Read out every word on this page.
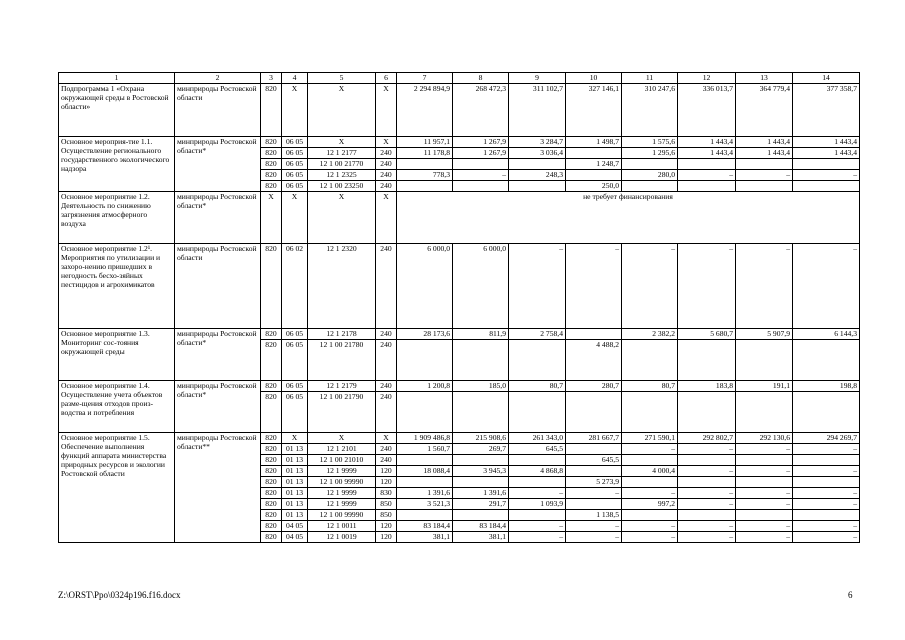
1	2	3	4	5	6	7	8	9	10	11	12	13	14
Подпрограмма 1 «Охрана окружающей среды в Ростовской области»	минприроды Ростовской области	820	Х	Х	Х	2 294 894,9	268 472,3	311 102,7	327 146,1	310 247,6	336 013,7	364 779,4	377 358,7
Основное мероприя-тие 1.1. Осуществление регионального государственного экологического надзора	минприроды Ростовской области*	820	06 05	Х	Х	11 957,1	1 267,9	3 284,7	1 498,7	1 575,6	1 443,4	1 443,4	1 443,4
		820	06 05	12 1 2177	240	11 178,8	1 267,9	3 036,4		1 295,6	1 443,4	1 443,4	1 443,4
		820	06 05	12 1 00 21770	240				1 248,7				
		820	06 05	12 1 2325	240	778,3	–	248,3		280,0	–	–	–
		820	06 05	12 1 00 23250	240				250,0				
Основное мероприятие 1.2. Деятельность по снижению загрязнения атмосферного воздуха	минприроды Ростовской области*	Х	Х	Х	Х	не требует финансирования							
Основное мероприятие 1.2¹. Мероприятия по утилизации и захоро-нению пришедших в негодность бесхо-зяйных пестицидов и агрохимикатов	минприроды Ростовской области	820	06 02	12 1 2320	240	6 000,0	6 000,0	–	–	–	–	–	–
Основное мероприятие 1.3. Мониторинг сос-тояния окружающей среды	минприроды Ростовской области*	820	06 05	12 1 2178	240	28 173,6	811,9	2 758,4		2 382,2	5 680,7	5 907,9	6 144,3
		820	06 05	12 1 00 21780	240				4 488,2				
Основное мероприятие 1.4. Осуществление учета объектов разме-щения отходов произ-водства и потребления	минприроды Ростовской области*	820	06 05	12 1 2179	240	1 200,8	185,0	80,7	280,7	80,7	183,8	191,1	198,8
		820	06 05	12 1 00 21790	240								
Основное мероприятие 1.5. Обеспечение выполнения функций аппарата министерства природных ресурсов и экологии Ростовской области	минприроды Ростовской области**	820	Х	Х	Х	1 909 486,8	215 908,6	261 343,0	281 667,7	271 590,1	292 802,7	292 130,6	294 269,7
		820	01 13	12 1 2101	240	1 560,7	269,7	645,5		–	–	–	–
		820	01 13	12 1 00 21010	240				645,5				
		820	01 13	12 1 9999	120	18 088,4	3 945,3	4 868,8		4 000,4	–	–	–
		820	01 13	12 1 00 99990	120				5 273,9				
		820	01 13	12 1 9999	830	1 391,6	1 391,6	–	–	–	–	–	–
		820	01 13	12 1 9999	850	3 521,3	291,7	1 093,9		997,2	–	–	–
		820	01 13	12 1 00 99990	850				1 138,5				
		820	04 05	12 1 0011	120	83 184,4	83 184,4	–	–	–	–	–	–
		820	04 05	12 1 0019	120	381,1	381,1	–	–	–	–	–	–
Z:\ORST\Ppo\0324p196.f16.docx	6
